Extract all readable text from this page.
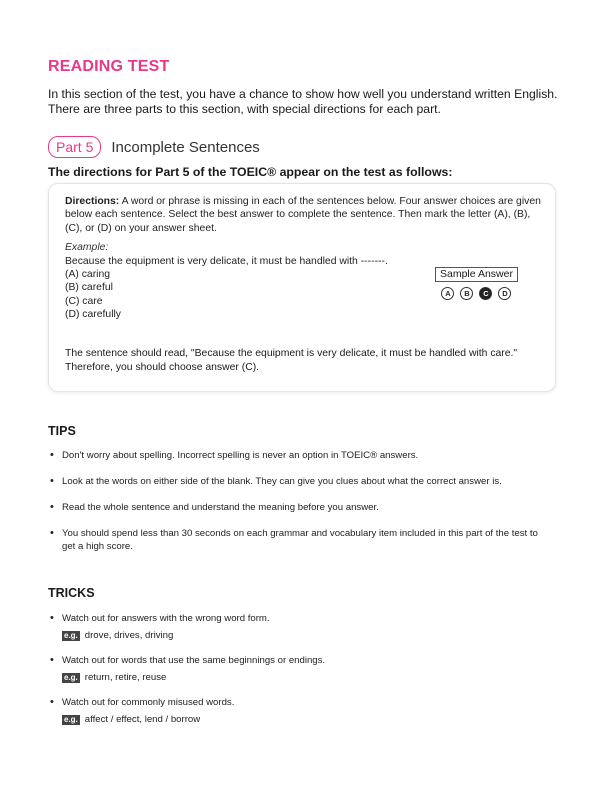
READING TEST
In this section of the test, you have a chance to show how well you understand written English. There are three parts to this section, with special directions for each part.
Part 5	Incomplete Sentences
The directions for Part 5 of the TOEIC® appear on the test as follows:
Directions: A word or phrase is missing in each of the sentences below. Four answer choices are given below each sentence. Select the best answer to complete the sentence. Then mark the letter (A), (B), (C), or (D) on your answer sheet.
Example:
Because the equipment is very delicate, it must be handled with -------.
(A) caring
(B) careful
(C) care
(D) carefully
Sample Answer
A	B	C	D
The sentence should read, "Because the equipment is very delicate, it must be handled with care." Therefore, you should choose answer (C).
TIPS
• Don't worry about spelling. Incorrect spelling is never an option in TOEIC® answers.
• Look at the words on either side of the blank. They can give you clues about what the correct answer is.
• Read the whole sentence and understand the meaning before you answer.
• You should spend less than 30 seconds on each grammar and vocabulary item included in this part of the test to get a high score.
TRICKS
• Watch out for answers with the wrong word form.
e.g. drove, drives, driving
• Watch out for words that use the same beginnings or endings.
e.g. return, retire, reuse
• Watch out for commonly misused words.
e.g. affect / effect, lend / borrow
